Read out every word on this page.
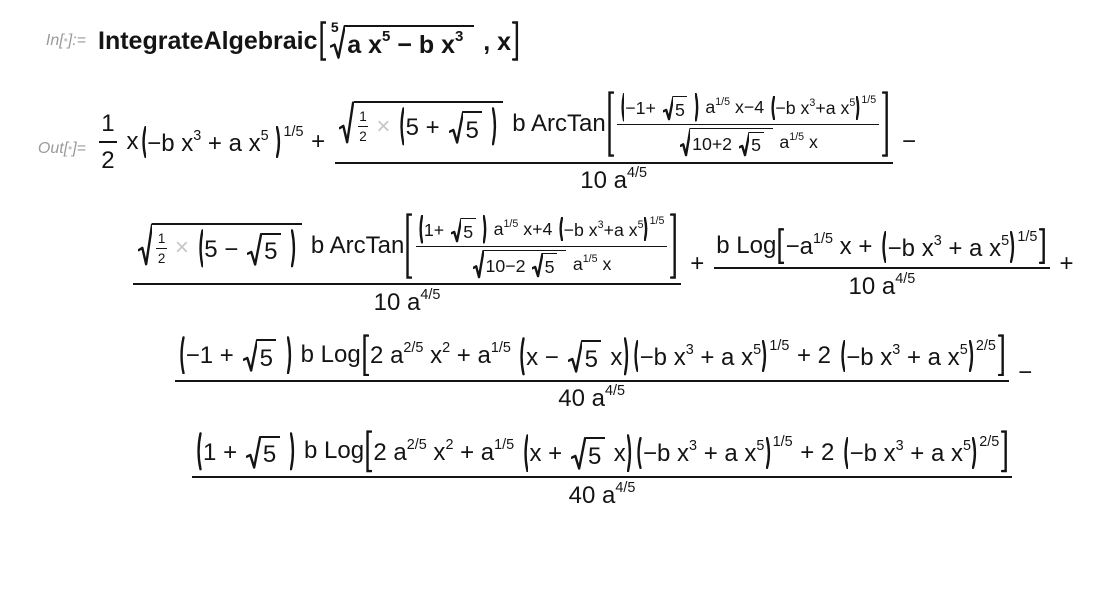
In[•]:= IntegrateAlgebraic 5
a x 5 − b x 3
, x
Out[•]=
1
2
x −b x 3 + a x 5
1/5 +
1
2 × 5 + 5
b ArcTan
−1+ 5
a 1/5 x−4 −b x 3 +a x 5 1/5
10+2 5
a 1/5 x
10 a 4/5
−
1
2 × 5 − 5
b ArcTan
1+ 5
a 1/5 x+4 −b x 3 +a x 5 1/5
10−2 5
a 1/5 x
10 a 4/5
+
b Log −a 1/5 x + −b x 3 + a x 5 1/5
10 a 4/5
+
−1 + 5
b Log 2 a 2/5 x 2 + a 1/5
x − 5 x −b x 3 + a x 5 1/5 + 2 −b x 3 + a x 5 2/5
40 a 4/5
−
1 + 5
b Log 2 a 2/5 x 2 + a 1/5
x + 5 x −b x 3 + a x 5 1/5 + 2 −b x 3 + a x 5 2/5
40 a 4/5
